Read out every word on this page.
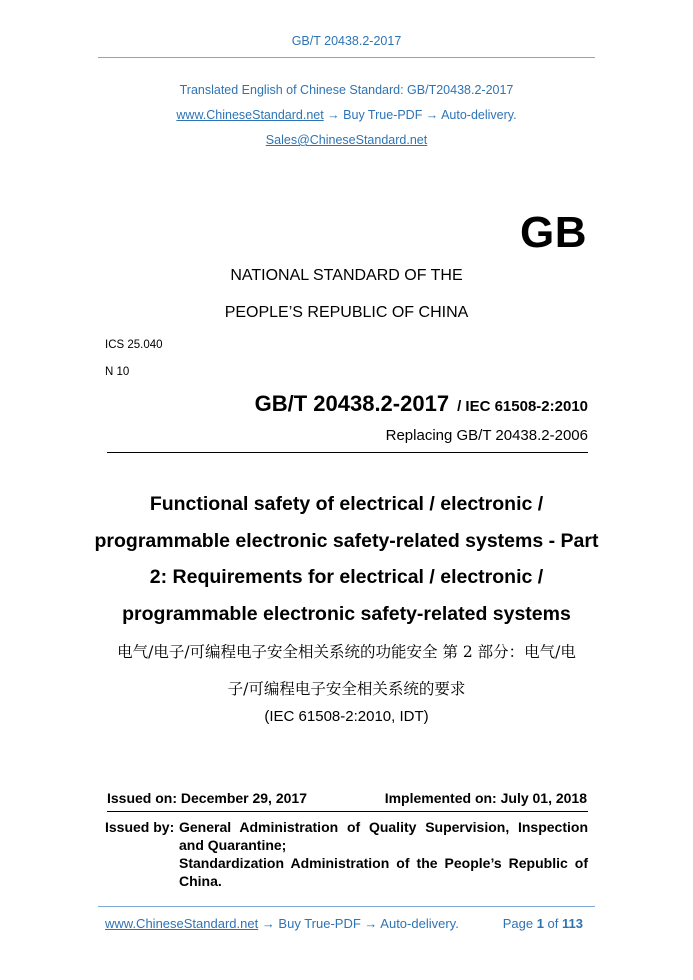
GB/T 20438.2-2017
Translated English of Chinese Standard: GB/T20438.2-2017
www.ChineseStandard.net → Buy True-PDF → Auto-delivery.
Sales@ChineseStandard.net
GB
NATIONAL STANDARD OF THE
PEOPLE’S REPUBLIC OF CHINA
ICS 25.040
N 10
GB/T 20438.2-2017 / IEC 61508-2:2010
Replacing GB/T 20438.2-2006
Functional safety of electrical / electronic /
programmable electronic safety-related systems - Part
2: Requirements for electrical / electronic /
programmable electronic safety-related systems
电气/电子/可编程电子安全相关系统的功能安全 第 2 部分：电气/电
子/可编程电子安全相关系统的要求
(IEC 61508-2:2010, IDT)
Issued on: December 29, 2017	Implemented on: July 01, 2018
Issued by: General Administration of Quality Supervision, Inspection and Quarantine;
Standardization Administration of the People’s Republic of China.
www.ChineseStandard.net → Buy True-PDF → Auto-delivery.	Page 1 of 113
